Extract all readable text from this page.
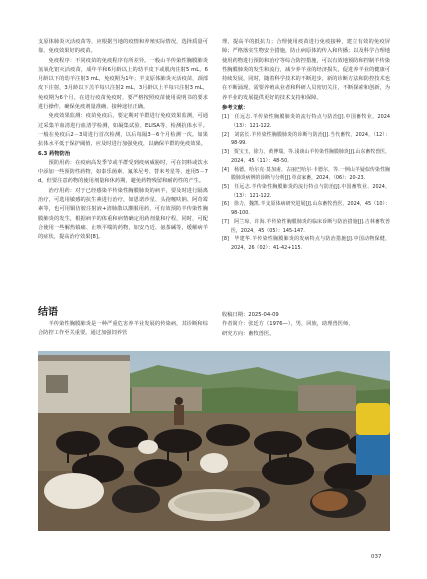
支原体肺炎灭活疫苗等，应根据当地的疫情和养殖实际情况，选择质量可靠、免疫效果好的疫苗。

免疫程序：不同疫苗的免疫程序有所差异。一般山羊传染性胸膜肺炎氢氧化铝灭活疫苗，成年羊和6月龄以上的幼羊皮下或肌肉注射5 mL，6月龄以下的幼羊注射3 mL，免疫期为1年；羊支原体肺炎灭活疫苗，颈部皮下注射，3月龄以下羔羊每只注射2 mL，3月龄以上羊每只注射3 mL，免疫期为6个月。在进行疫苗免疫时，要严格按照疫苗使用说明书的要求进行操作，确保免疫剂量准确、接种途径正确。

免疫效果监测：疫苗免疫后，要定期对羊群进行免疫效果监测，可通过采集羊血清进行血清学检测，如凝集试验、ELISA等，检测抗体水平。一般在免疫后2－3周进行首次检测，以后每隔3－6个月检测一次。如果抗体水平低于保护阈值，应及时进行加强免疫，以确保羊群的免疫效果。

6.3 药物防治

预防用药：在疫病高发季节或羊群受到疫病威胁时，可在饲料或饮水中添加一些预防性药物，如泰乐菌素、氟苯尼考、替米考星等，连用5－7 d。但要注意药物的使用剂量和休药期，避免药物残留和耐药性的产生。

治疗用药：对于已经感染羊传染性胸膜肺炎的病羊，要及时进行隔离治疗，可选用敏感的抗生素进行治疗，如恩诺沙星、头孢噻呋钠、阿奇霉素等，也可用铜仿胺注射液+清肺散以灌服用药，可有效预防羊传染性胸膜肺炎的发生，根据病羊的体重和病情确定用药剂量和疗程，同时，可配合使用一些解热镇痛、止咳平喘的药物，如安乃近、氨茶碱等，缓解病羊的症状，提高治疗效果[8]。

理，提高羊的抵抗力；合理使用疫苗进行免疫接种，建立有效的免疫屏障；严格落实生物安全措施，防止病原体的传入和传播；以及科学合理地使用药物进行预防和治疗等综合防控措施，可以有效地预防和控制羊传染性胸膜肺炎的发生和流行，减少养羊业的经济损失，促进养羊业的健康可持续发展。同时，随着科学技术的不断进步，新的诊断方法和防控技术也在不断涌现，需要养殖从业者和科研人员密切关注，不断探索和创新，为养羊业的发展提供更好的技术支持和保障。

参考文献：
[1]　任远志.羊传染性胸膜肺炎的流行特点与防治[J].中国畜牧业，2024（13）：121-122.
[2]　刘富长.羊传染性胸膜肺炎的诊断与防治[J].当代畜牧，2024，（12）：98-99.
[3]　贾宝玉，徐力，黄博瑞，等.浅谈山羊传染性胸膜肺炎[J].山东畜牧兽医，2024，45（11）：48-50.
[4]　杨德，哈尔克·莫加甫，古丽巴哈尔·卡德尔，等.一例山羊疑似传染性胸膜肺炎病例的诊断与分析[J].草食家畜，2024，（06）：20-23.
[5]　任远志.羊传染性胸膜肺炎的流行特点与防治[J].中国畜牧业，2024，（13）：121-122.
[6]　徐力，魏凯.羊支原体病研究进展[J].山东畜牧兽医，2024，45（10）：98-100.
[7]　阿兰琼，许海.羊传染性胸膜肺炎的临床诊断与防治措施[J].吉林畜牧兽医，2024，45（05）：145-147.
[8]　毕建华.羊传染性胸膜肺炎的发病特点与防治措施[J].中国动物保健，2024，26（02）：41-42+115.
结语

羊传染性胸膜肺炎是一种严重危害养羊业发展的传染病，其诊断和综合防控工作至关重要。通过加强饲养管

收稿日期：2025-04-09
作者简介：张廷方（1976—），男，回族，助理兽医师，
研究方向：畜牧兽医。
037
